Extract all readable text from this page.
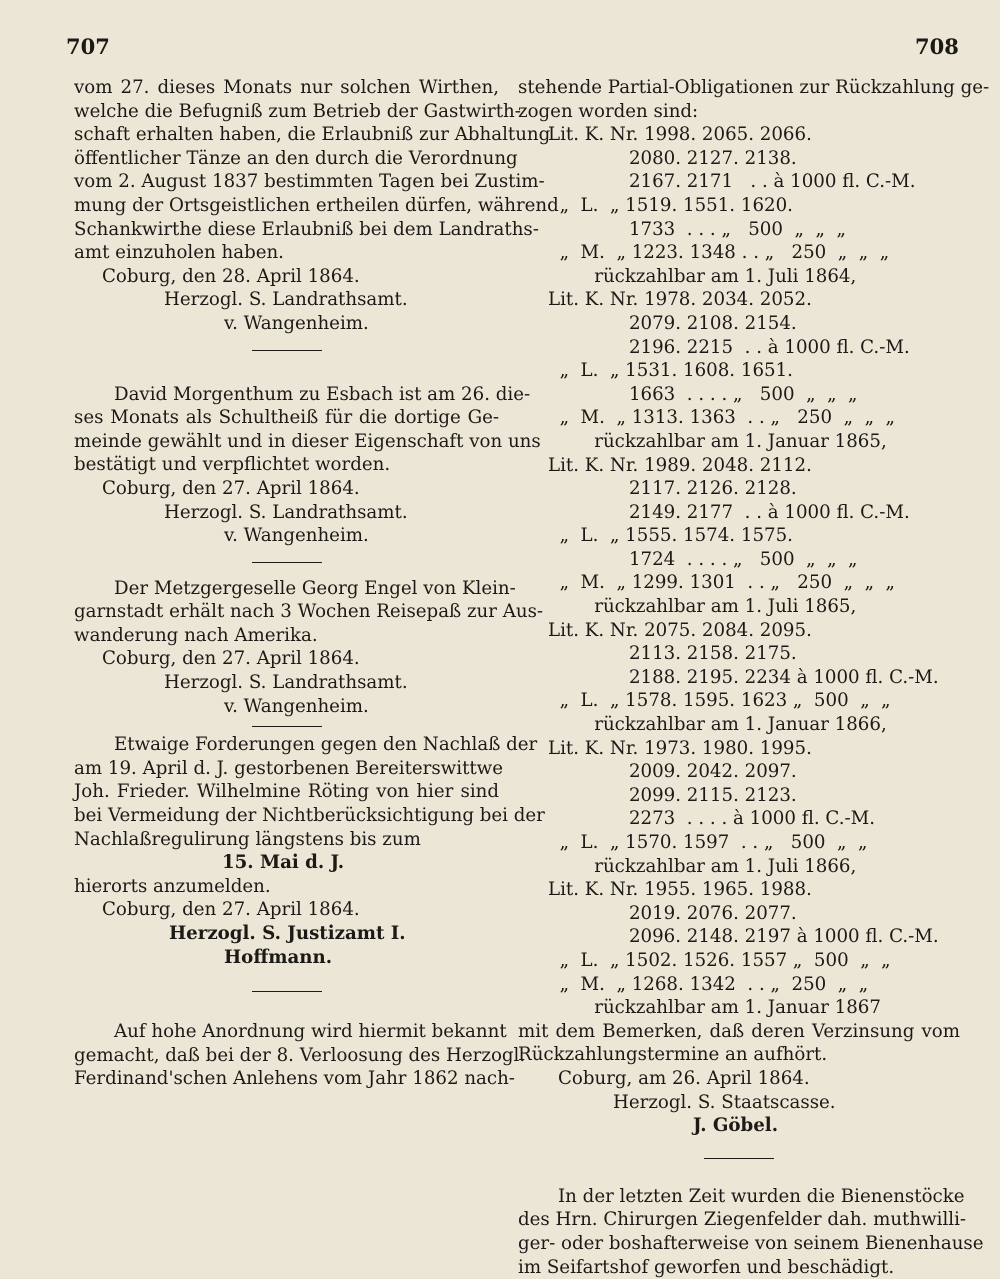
707	708
vom 27. dieses Monats nur solchen Wirthen,
welche die Befugniß zum Betrieb der Gastwirth-
schaft erhalten haben, die Erlaubniß zur Abhaltung
öffentlicher Tänze an den durch die Verordnung
vom 2. August 1837 bestimmten Tagen bei Zustim-
mung der Ortsgeistlichen ertheilen dürfen, während
Schankwirthe diese Erlaubniß bei dem Landraths-
amt einzuholen haben.
Coburg, den 28. April 1864.
Herzogl. S. Landrathsamt.
v. Wangenheim.
David Morgenthum zu Esbach ist am 26. die-
ses Monats als Schultheiß für die dortige Ge-
meinde gewählt und in dieser Eigenschaft von uns
bestätigt und verpflichtet worden.
Coburg, den 27. April 1864.
Herzogl. S. Landrathsamt.
v. Wangenheim.
Der Metzgergeselle Georg Engel von Klein-
garnstadt erhält nach 3 Wochen Reisepaß zur Aus-
wanderung nach Amerika.
Coburg, den 27. April 1864.
Herzogl. S. Landrathsamt.
v. Wangenheim.
Etwaige Forderungen gegen den Nachlaß der
am 19. April d. J. gestorbenen Bereiterswittwe
Joh. Frieder. Wilhelmine Röting von hier sind
bei Vermeidung der Nichtberücksichtigung bei der
Nachlaßregulirung längstens bis zum
15. Mai d. J.
hierorts anzumelden.
Coburg, den 27. April 1864.
Herzogl. S. Justizamt I.
Hoffmann.
Auf hohe Anordnung wird hiermit bekannt
gemacht, daß bei der 8. Verloosung des Herzogl.
Ferdinand'schen Anlehens vom Jahr 1862 nach-
stehende Partial-Obligationen zur Rückzahlung ge-
zogen worden sind:
Lit. K. Nr. 1998. 2065. 2066.
2080. 2127. 2138.
2167. 2171   . . à 1000 fl. C.-M.
„  L.  „ 1519. 1551. 1620.
1733  . . . „   500  „  „  „
„  M.  „ 1223. 1348 . . „   250  „  „  „
rückzahlbar am 1. Juli 1864,
Lit. K. Nr. 1978. 2034. 2052.
2079. 2108. 2154.
2196. 2215  . . à 1000 fl. C.-M.
„  L.  „ 1531. 1608. 1651.
1663  . . . . „   500  „  „  „
„  M.  „ 1313. 1363  . . „   250  „  „  „
rückzahlbar am 1. Januar 1865,
Lit. K. Nr. 1989. 2048. 2112.
2117. 2126. 2128.
2149. 2177  . . à 1000 fl. C.-M.
„  L.  „ 1555. 1574. 1575.
1724  . . . . „   500  „  „  „
„  M.  „ 1299. 1301  . . „   250  „  „  „
rückzahlbar am 1. Juli 1865,
Lit. K. Nr. 2075. 2084. 2095.
2113. 2158. 2175.
2188. 2195. 2234 à 1000 fl. C.-M.
„  L.  „ 1578. 1595. 1623 „  500  „  „
rückzahlbar am 1. Januar 1866,
Lit. K. Nr. 1973. 1980. 1995.
2009. 2042. 2097.
2099. 2115. 2123.
2273  . . . . à 1000 fl. C.-M.
„  L.  „ 1570. 1597  . . „   500  „  „
rückzahlbar am 1. Juli 1866,
Lit. K. Nr. 1955. 1965. 1988.
2019. 2076. 2077.
2096. 2148. 2197 à 1000 fl. C.-M.
„  L.  „ 1502. 1526. 1557 „  500  „  „
„  M.  „ 1268. 1342  . . „  250  „  „
rückzahlbar am 1. Januar 1867
mit dem Bemerken, daß deren Verzinsung vom
Rückzahlungstermine an aufhört.
Coburg, am 26. April 1864.
Herzogl. S. Staatscasse.
J. Göbel.
In der letzten Zeit wurden die Bienenstöcke
des Hrn. Chirurgen Ziegenfelder dah. muthwilli-
ger- oder boshafterweise von seinem Bienenhause
im Seifartshof geworfen und beschädigt.
